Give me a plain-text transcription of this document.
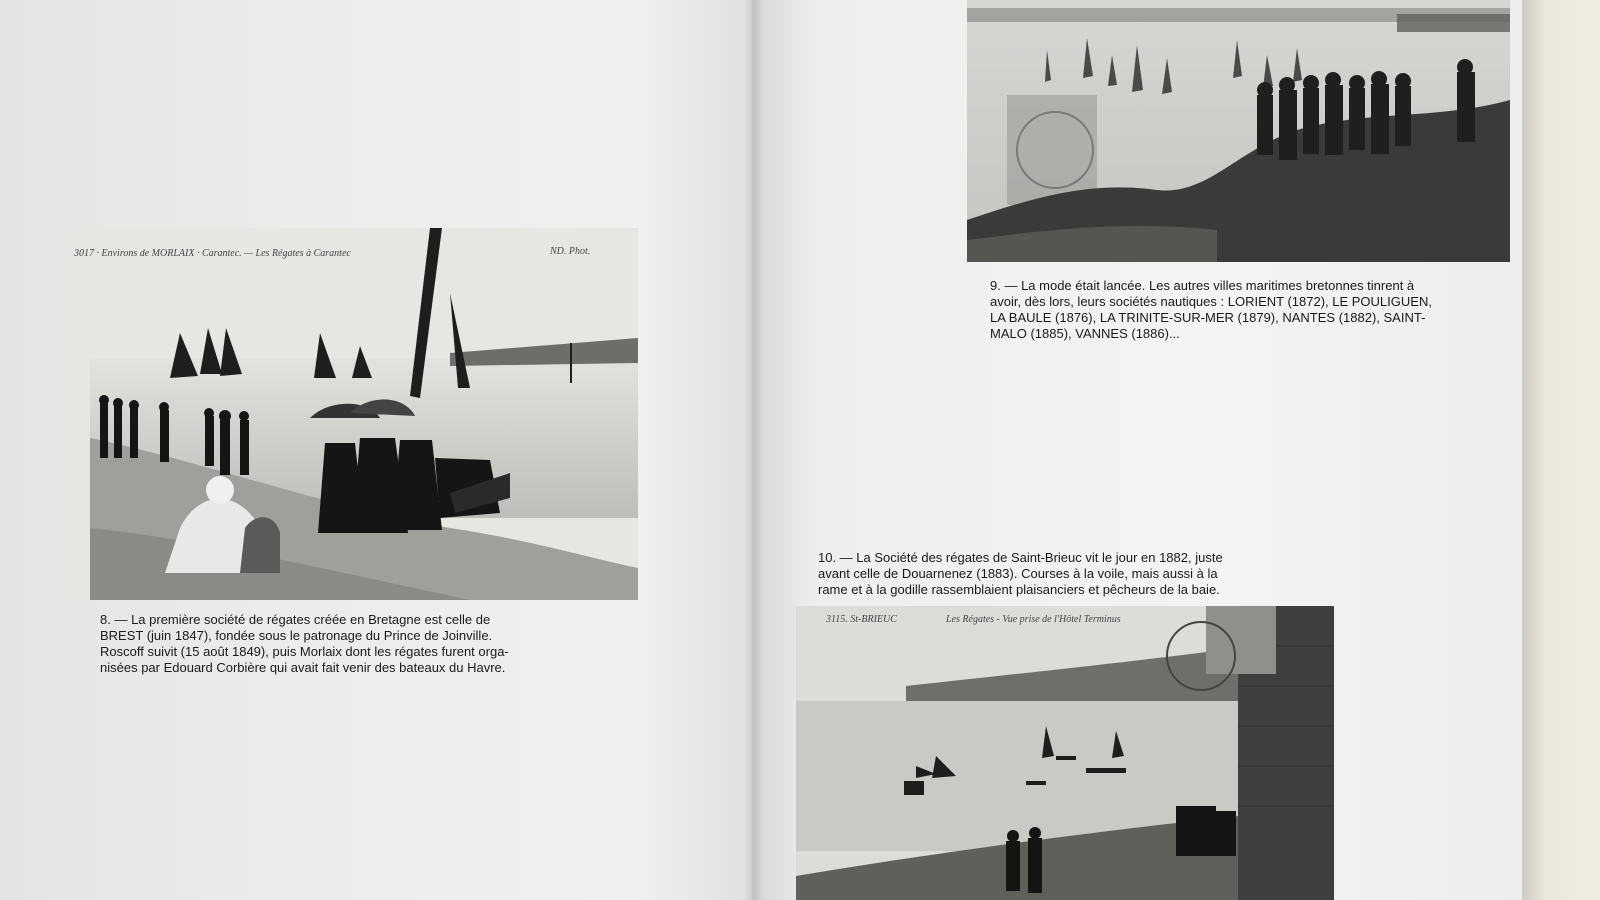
9. — La mode était lancée. Les autres villes maritimes bretonnes tinrent à
avoir, dès lors, leurs sociétés nautiques : LORIENT (1872), LE POULIGUEN,
LA BAULE (1876), LA TRINITE-SUR-MER (1879), NANTES (1882), SAINT-
MALO (1885), VANNES (1886)...

3017 · Environs de MORLAIX · Carantec. — Les Régates à Carantec	ND. Phot.

8. — La première société de régates créée en Bretagne est celle de
BREST (juin 1847), fondée sous le patronage du Prince de Joinville.
Roscoff suivit (15 août 1849), puis Morlaix dont les régates furent orga-
nisées par Edouard Corbière qui avait fait venir des bateaux du Havre.

10. — La Société des régates de Saint-Brieuc vit le jour en 1882, juste
avant celle de Douarnenez (1883). Courses à la voile, mais aussi à la
rame et à la godille rassemblaient plaisanciers et pêcheurs de la baie.

3115. St-BRIEUC	Les Régates - Vue prise de l'Hôtel Terminus
